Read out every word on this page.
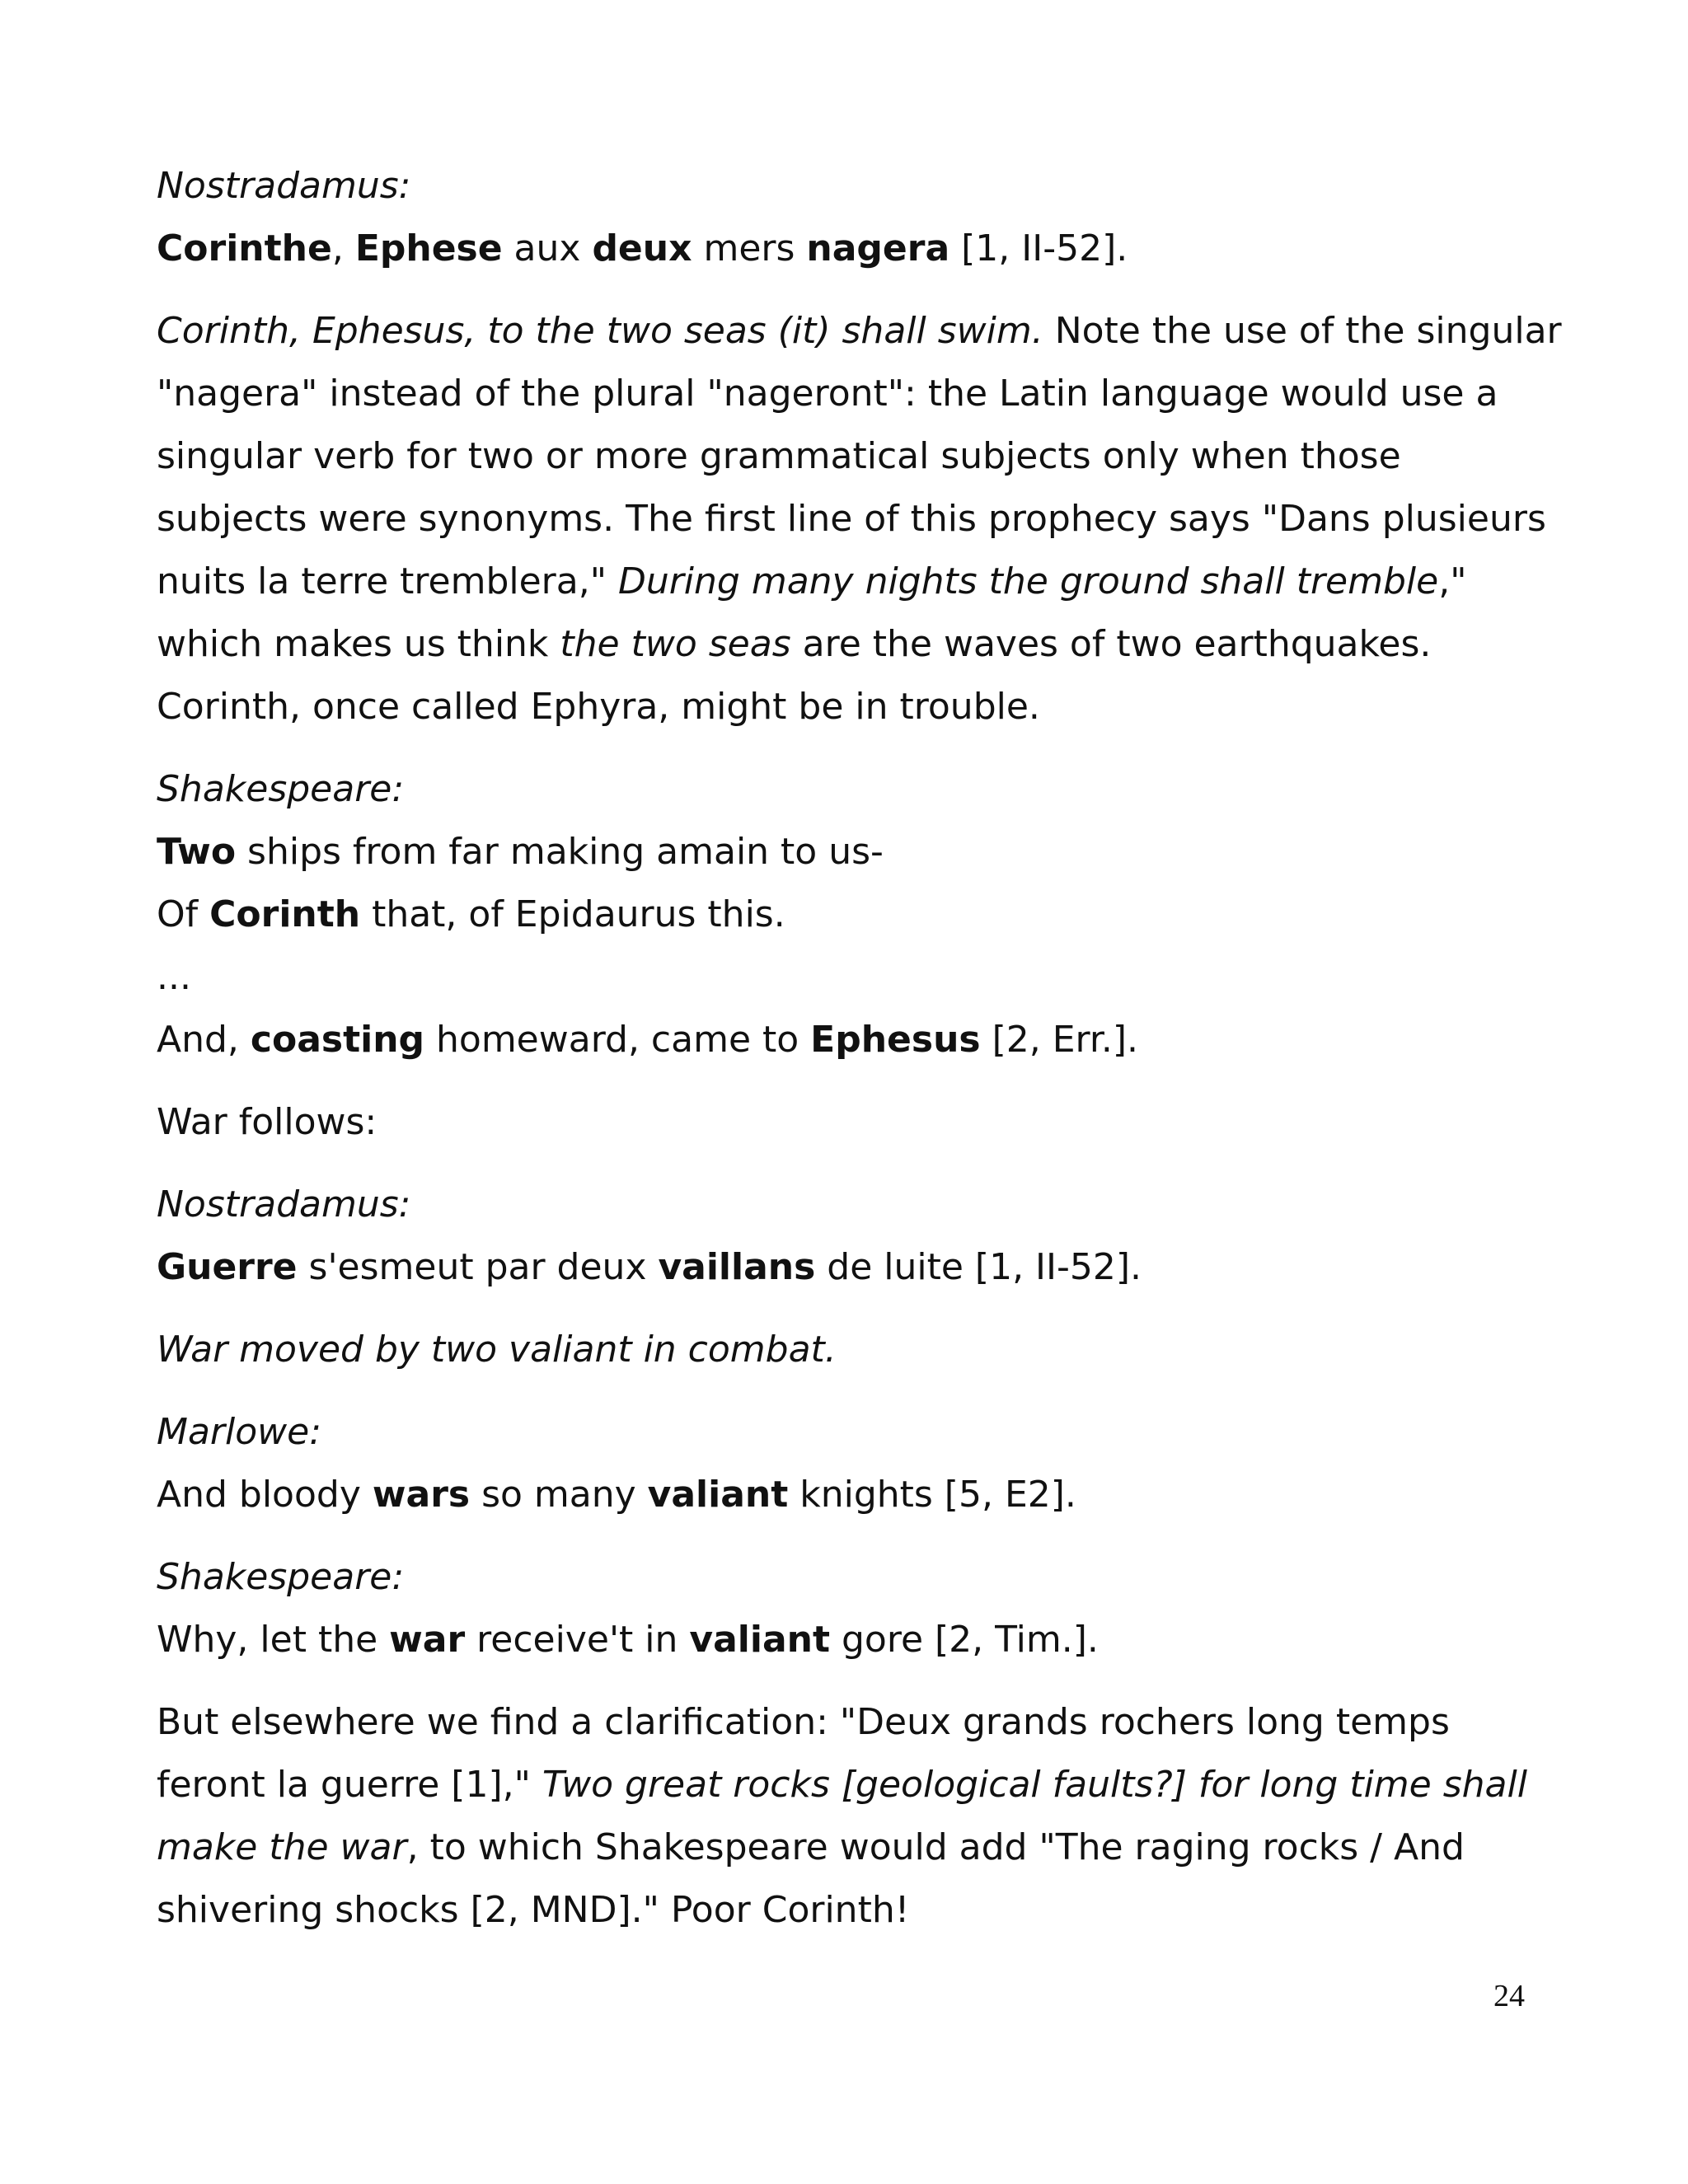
Nostradamus:

Corinthe, Ephese aux deux mers nagera [1, II-52].

Corinth, Ephesus, to the two seas (it) shall swim. Note the use of the singular

"nagera" instead of the plural "nageront": the Latin language would use a

singular verb for two or more grammatical subjects only when those

subjects were synonyms. The first line of this prophecy says "Dans plusieurs

nuits la terre tremblera," During many nights the ground shall tremble,"

which makes us think the two seas are the waves of two earthquakes.

Corinth, once called Ephyra, might be in trouble.

Shakespeare:

Two ships from far making amain to us-

Of Corinth that, of Epidaurus this.

...

And, coasting homeward, came to Ephesus [2, Err.].

War follows:

Nostradamus:

Guerre s'esmeut par deux vaillans de luite [1, II-52].

War moved by two valiant in combat.

Marlowe:

And bloody wars so many valiant knights [5, E2].

Shakespeare:

Why, let the war receive't in valiant gore [2, Tim.].

But elsewhere we find a clarification: "Deux grands rochers long temps

feront la guerre [1]," Two great rocks [geological faults?] for long time shall

make the war, to which Shakespeare would add "The raging rocks / And

shivering shocks [2, MND]." Poor Corinth!

24
